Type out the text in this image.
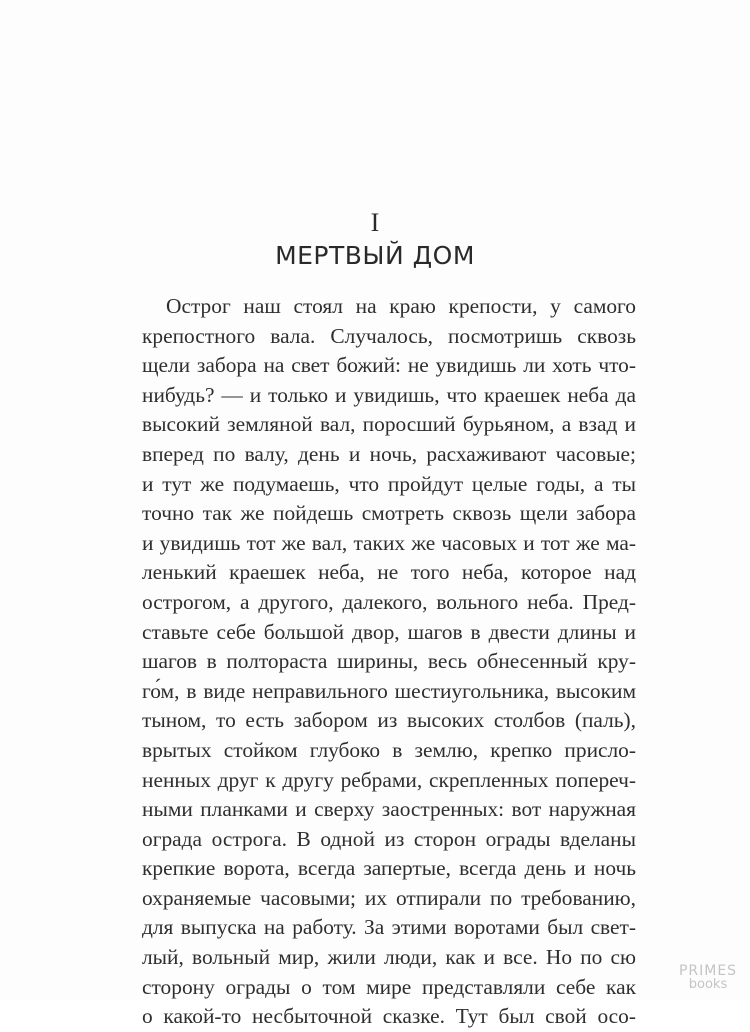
I
МЕРТВЫЙ ДОМ
Острог наш стоял на краю крепости, у самого
крепостного вала. Случалось, посмотришь сквозь
щели забора на свет божий: не увидишь ли хоть что-
нибудь? — и только и увидишь, что краешек неба да
высокий земляной вал, поросший бурьяном, а взад и
вперед по валу, день и ночь, расхаживают часовые;
и тут же подумаешь, что пройдут целые годы, а ты
точно так же пойдешь смотреть сквозь щели забора
и увидишь тот же вал, таких же часовых и тот же ма-
ленький краешек неба, не того неба, которое над
острогом, а другого, далекого, вольного неба. Пред-
ставьте себе большой двор, шагов в двести длины и
шагов в полтораста ширины, весь обнесенный кру-
го́м, в виде неправильного шестиугольника, высоким
тыном, то есть забором из высоких столбов (паль),
врытых стойком глубоко в землю, крепко присло-
ненных друг к другу ребрами, скрепленных попереч-
ными планками и сверху заостренных: вот наружная
ограда острога. В одной из сторон ограды вделаны
крепкие ворота, всегда запертые, всегда день и ночь
охраняемые часовыми; их отпирали по требованию,
для выпуска на работу. За этими воротами был свет-
лый, вольный мир, жили люди, как и все. Но по сю
сторону ограды о том мире представляли себе как
о какой-то несбыточной сказке. Тут был свой осо-
PRIMES
books
